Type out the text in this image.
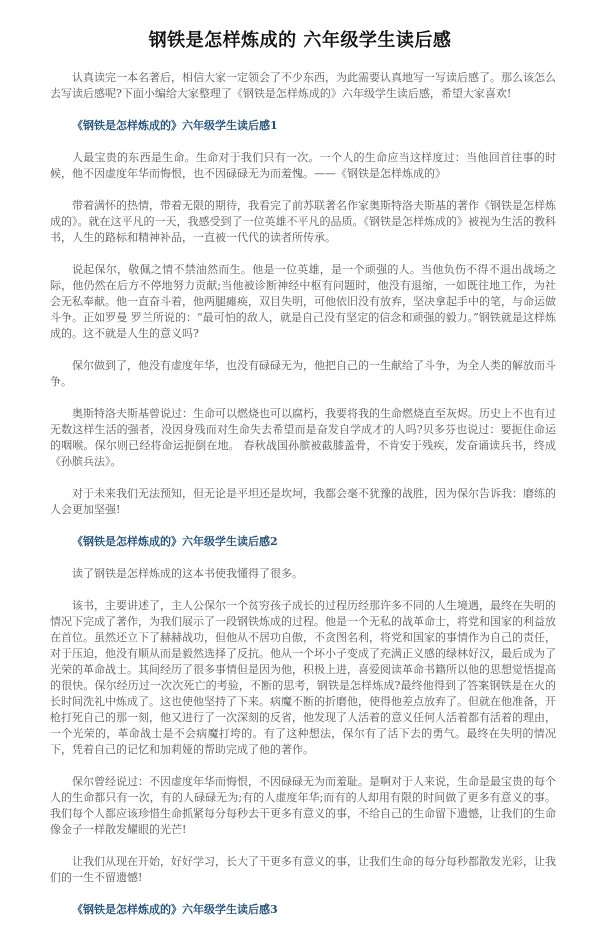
钢铁是怎样炼成的 六年级学生读后感

认真读完一本名著后，相信大家一定领会了不少东西，为此需要认真地写一写读后感了。那么该怎么去写读后感呢?下面小编给大家整理了《钢铁是怎样炼成的》六年级学生读后感，希望大家喜欢!

《钢铁是怎样炼成的》六年级学生读后感1

人最宝贵的东西是生命。生命对于我们只有一次。一个人的生命应当这样度过：当他回首往事的时候，他不因虚度年华而悔恨，也不因碌碌无为而羞愧。——《钢铁是怎样炼成的》

带着满怀的热情，带着无限的期待，我看完了前苏联著名作家奥斯特洛夫斯基的著作《钢铁是怎样炼成的》。就在这平凡的一天，我感受到了一位英雄不平凡的品质。《钢铁是怎样炼成的》被视为生活的教科书，人生的路标和精神补品，一直被一代代的读者所传承。

说起保尔，敬佩之情不禁油然而生。他是一位英雄，是一个顽强的人。当他负伤不得不退出战场之际，他仍然在后方不停地努力贡献;当他被诊断神经中枢有问题时，他没有退缩，一如既往地工作，为社会无私奉献。他一直奋斗着，他两腿瘫痪，双目失明，可他依旧没有放弃，坚决拿起手中的笔，与命运做斗争。正如罗曼 罗兰所说的：“最可怕的敌人，就是自己没有坚定的信念和顽强的毅力。”钢铁就是这样炼成的。这不就是人生的意义吗?

保尔做到了，他没有虚度年华，也没有碌碌无为，他把自己的一生献给了斗争，为全人类的解放而斗争。

奥斯特洛夫斯基曾说过：生命可以燃烧也可以腐朽，我要将我的生命燃烧直至灰烬。历史上不也有过无数这样生活的强者，没因身残而对生命失去希望而是奋发自学成才的人吗?贝多芬也说过：要扼住命运的咽喉。保尔则已经将命运扼倒在地。 春秋战国孙膑被截膝盖骨，不肯安于残疾，发奋诵读兵书，终成《孙膑兵法》。

对于未来我们无法预知，但无论是平坦还是坎坷，我都会毫不犹豫的战胜，因为保尔告诉我：磨练的人会更加坚强!

《钢铁是怎样炼成的》六年级学生读后感2

读了钢铁是怎样炼成的这本书使我懂得了很多。

该书，主要讲述了，主人公保尔一个贫穷孩子成长的过程历经那许多不同的人生境遇，最终在失明的情况下完成了著作，为我们展示了一段钢铁炼成的过程。他是一个无私的战革命士，将党和国家的利益放在首位。虽然还立下了赫赫战功，但他从不居功自傲，不贪图名利，将党和国家的事情作为自己的责任，对于压迫，他没有顺从而是毅然选择了反抗。他从一个坏小子变成了充满正义感的绿林好汉，最后成为了光荣的革命战士。其间经历了很多事情但是因为他，积极上进，喜爱阅读革命书籍所以他的思想觉悟提高的很快。保尔经历过一次次死亡的考验，不断的思考，钢铁是怎样炼成?最终他得到了答案钢铁是在火的长时间洗礼中炼成了。这也使他坚持了下来。病魔不断的折磨他，使得他差点放弃了。但就在他准备，开枪打死自己的那一刻，他又进行了一次深刻的反省，他发现了人活着的意义任何人活着都有活着的理由，一个光荣的，革命战士是不会病魔打垮的。有了这种想法，保尔有了活下去的勇气。最终在失明的情况下，凭着自己的记忆和加莉娅的帮助完成了他的著作。

保尔曾经说过：不因虚度年华而悔恨，不因碌碌无为而羞耻。是啊对于人来说，生命是最宝贵的每个人的生命都只有一次，有的人碌碌无为;有的人虚度年华;而有的人却用有限的时间做了更多有意义的事。我们每个人都应该珍惜生命抓紧每分每秒去干更多有意义的事，不给自己的生命留下遗憾，让我们的生命像金子一样散发耀眼的光芒!

让我们从现在开始，好好学习，长大了干更多有意义的事，让我们生命的每分每秒都散发光彩，让我们的一生不留遗憾!

《钢铁是怎样炼成的》六年级学生读后感3
